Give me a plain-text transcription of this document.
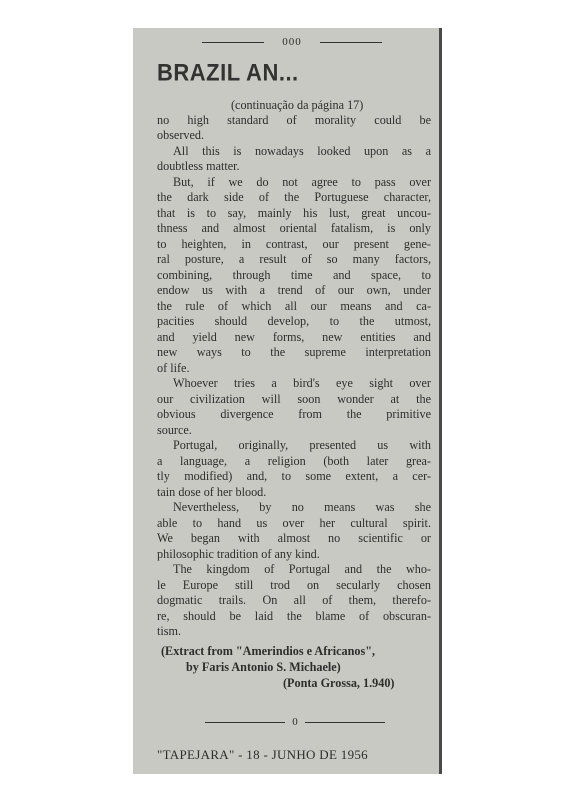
000
BRAZIL AN...
(continuação da página 17)
no high standard of morality could be
observed.
All this is nowadays looked upon as a
doubtless matter.
But, if we do not agree to pass over
the dark side of the Portuguese character,
that is to say, mainly his lust, great uncou-
thness and almost oriental fatalism, is only
to heighten, in contrast, our present gene-
ral posture, a result of so many factors,
combining, through time and space, to
endow us with a trend of our own, under
the rule of which all our means and ca-
pacities should develop, to the utmost,
and yield new forms, new entities and
new ways to the supreme interpretation
of life.
Whoever tries a bird's eye sight over
our civilization will soon wonder at the
obvious divergence from the primitive
source.
Portugal, originally, presented us with
a language, a religion (both later grea-
tly modified) and, to some extent, a cer-
tain dose of her blood.
Nevertheless, by no means was she
able to hand us over her cultural spirit.
We began with almost no scientific or
philosophic tradition of any kind.
The kingdom of Portugal and the who-
le Europe still trod on secularly chosen
dogmatic trails. On all of them, therefo-
re, should be laid the blame of obscuran-
tism.
(Extract from "Amerindios e Africanos",
by Faris Antonio S. Michaele)
(Ponta Grossa, 1.940)
0
"TAPEJARA" - 18 - JUNHO DE 1956
